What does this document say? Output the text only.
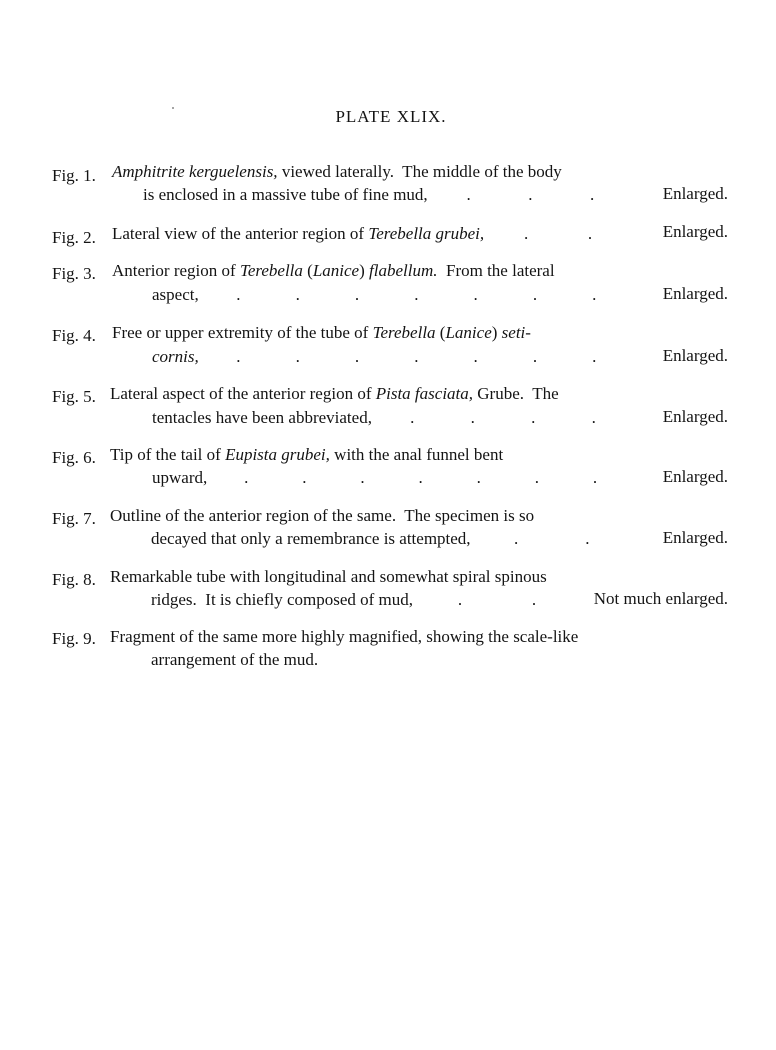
PLATE XLIX.
Fig. 1. Amphitrite kerguelensis, viewed laterally.  The middle of the body
is enclosed in a massive tube of fine mud, .	.	.	Enlarged.
Fig. 2. Lateral view of the anterior region of Terebella grubei, .	.	Enlarged.
Fig. 3. Anterior region of Terebella (Lanice) flabellum.  From the lateral
aspect, .	.	.	.	.	.	.	Enlarged.
Fig. 4. Free or upper extremity of the tube of Terebella (Lanice) seti-
cornis, .	.	.	.	.	.	.	Enlarged.
Fig. 5. Lateral aspect of the anterior region of Pista fasciata, Grube.  The
tentacles have been abbreviated, .	.	.	.	Enlarged.
Fig. 6. Tip of the tail of Eupista grubei, with the anal funnel bent
upward, .	.	.	.	.	.	.	Enlarged.
Fig. 7. Outline of the anterior region of the same.  The specimen is so
decayed that only a remembrance is attempted,	.	.	Enlarged.
Fig. 8. Remarkable tube with longitudinal and somewhat spiral spinous
ridges.  It is chiefly composed of mud,	.	.	Not much enlarged.
Fig. 9. Fragment of the same more highly magnified, showing the scale-like
arrangement of the mud.
